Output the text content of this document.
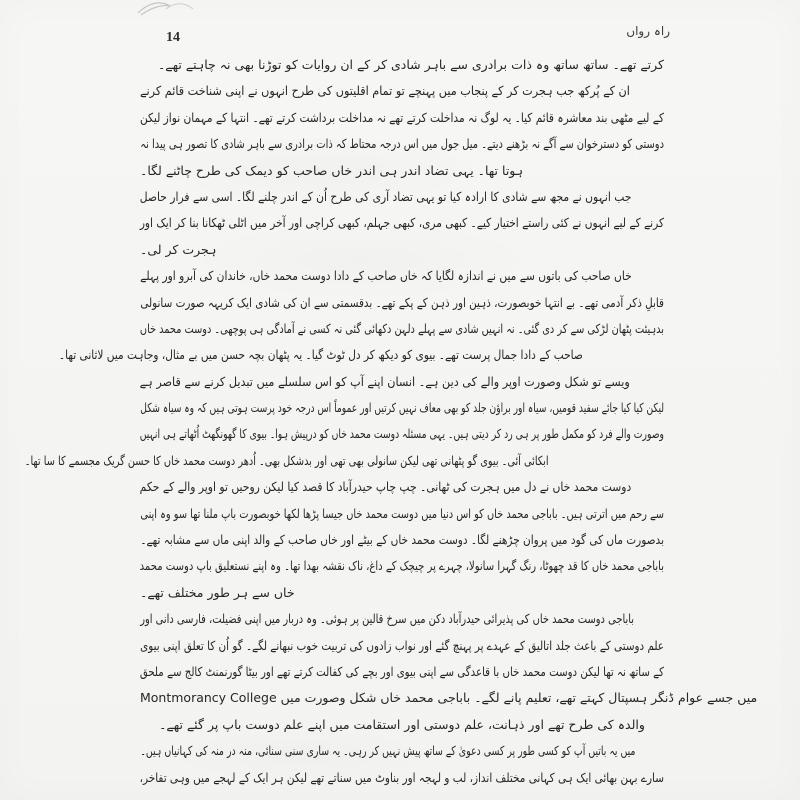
راہ رواں
14
کرتے تھے۔ ساتھ ساتھ وہ ذات برادری سے باہر شادی کر کے ان روایات کو توڑنا بھی نہ چاہتے تھے۔
ان کے پُرکھ جب ہجرت کر کے پنجاب میں پہنچے تو تمام اقلیتوں کی طرح انہوں نے اپنی شناخت قائم کرنے
کے لیے مٹھی بند معاشرہ قائم کیا۔ یہ لوگ نہ مداخلت کرتے تھے نہ مداخلت برداشت کرتے تھے۔ انتہا کے مہمان نواز لیکن
دوستی کو دسترخوان سے آگے نہ بڑھنے دیتے۔ میل جول میں اس درجہ محتاط کہ ذات برادری سے باہر شادی کا تصور ہی پیدا نہ
ہوتا تھا۔ یہی تضاد اندر ہی اندر خاں صاحب کو دیمک کی طرح چاٹنے لگا۔
جب انہوں نے مجھ سے شادی کا ارادہ کیا تو یہی تضاد آری کی طرح اُن کے اندر چلنے لگا۔ اسی سے فرار حاصل
کرنے کے لیے انہوں نے کئی راستے اختیار کیے۔ کبھی مری، کبھی جہلم، کبھی کراچی اور آخر میں اٹلی ٹھکانا بنا کر ایک اور
ہجرت کر لی۔
خاں صاحب کی باتوں سے میں نے اندازہ لگایا کہ خاں صاحب کے دادا دوست محمد خاں، خاندان کی آبرو اور پہلے
قابلِ ذکر آدمی تھے۔ بے انتہا خوبصورت، ذہین اور ذہن کے پکے تھے۔ بدقسمتی سے ان کی شادی ایک کریہہ صورت سانولی
بدہیئت پٹھان لڑکی سے کر دی گئی۔ نہ انہیں شادی سے پہلے دلہن دکھائی گئی نہ کسی نے آمادگی ہی پوچھی۔ دوست محمد خاں
صاحب کے دادا جمال پرست تھے۔ بیوی کو دیکھ کر دل ٹوٹ گیا۔ یہ پٹھان بچہ حسن میں بے مثال، وجاہت میں لاثانی تھا۔
ویسے تو شکل وصورت اوپر والے کی دین ہے۔ انسان اپنے آپ کو اس سلسلے میں تبدیل کرنے سے قاصر ہے
لیکن کیا کیا جائے سفید قومیں، سیاہ اور براؤن جلد کو بھی معاف نہیں کرتیں اور عموماً اس درجہ خود پرست ہوتی ہیں کہ وہ سیاہ شکل
وصورت والے فرد کو مکمل طور پر ہی رد کر دیتی ہیں۔ یہی مسئلہ دوست محمد خاں کو درپیش ہوا۔ بیوی کا گھونگھٹ اُٹھاتے ہی انہیں
ابکائی آئی۔ بیوی گو پٹھانی تھی لیکن سانولی بھی تھی اور بدشکل بھی۔ اُدھر دوست محمد خاں کا حسن گریک مجسمے کا سا تھا۔
دوست محمد خاں نے دل میں ہجرت کی ٹھانی۔ چپ چاپ حیدرآباد کا قصد کیا لیکن روحیں تو اوپر والے کے حکم
سے رحم میں اترتی ہیں۔ باباجی محمد خاں کو اس دنیا میں دوست محمد خاں جیسا پڑھا لکھا خوبصورت باپ ملنا تھا سو وہ اپنی
بدصورت ماں کی گود میں پروان چڑھنے لگا۔ دوست محمد خاں کے بیٹے اور خاں صاحب کے والد اپنی ماں سے مشابہ تھے۔
باباجی محمد خاں کا قد چھوٹا، رنگ گہرا سانولا، چہرے پر چیچک کے داغ، ناک نقشہ بھدا تھا۔ وہ اپنے نستعلیق باپ دوست محمد
خاں سے ہر طور مختلف تھے۔
باباجی دوست محمد خاں کی پذیرائی حیدرآباد دکن میں سرخ قالین پر ہوئی۔ وہ دربار میں اپنی فضیلت، فارسی دانی اور
علم دوستی کے باعث جلد اتالیق کے عہدے پر پہنچ گئے اور نواب زادوں کی تربیت خوب نبھانے لگے۔ گو اُن کا تعلق اپنی بیوی
کے ساتھ نہ تھا لیکن دوست محمد خاں با قاعدگی سے اپنی بیوی اور بچے کی کفالت کرتے تھے اور بیٹا گورنمنٹ کالج سے ملحق
Montmorancy College میں جسے عوام ڈنگر ہسپتال کہتے تھے، تعلیم پانے لگے۔ باباجی محمد خاں شکل وصورت میں
والدہ کی طرح تھے اور ذہانت، علم دوستی اور استقامت میں اپنے علم دوست باپ پر گئے تھے۔
میں یہ باتیں آپ کو کسی طور پر کسی دعویٰ کے ساتھ پیش نہیں کر رہی۔ یہ ساری سنی سنائی، منہ در منہ کی کہانیاں ہیں۔
سارے بہن بھائی ایک ہی کہانی مختلف انداز، لب و لہجہ اور بناوٹ میں سناتے تھے لیکن ہر ایک کے لہجے میں وہی تفاخر،
